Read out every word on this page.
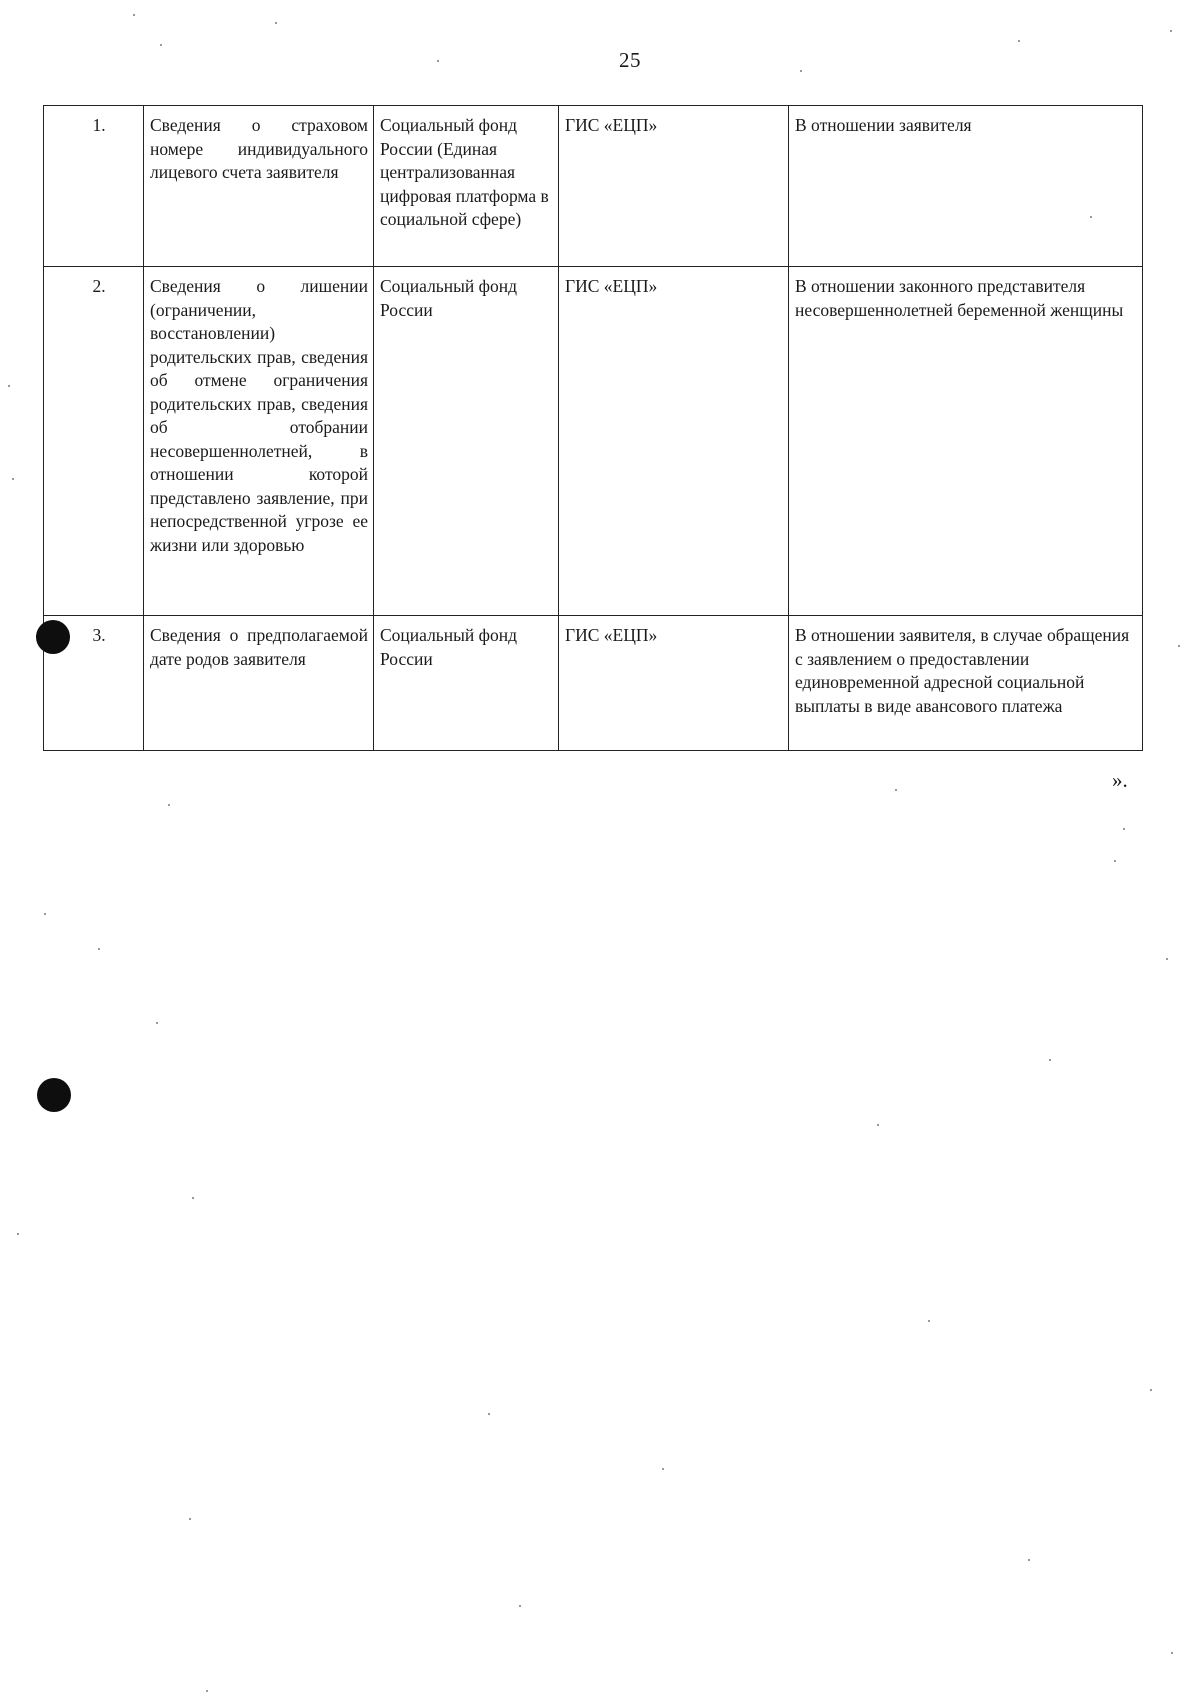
25
1.	Сведения о страховом номере индивидуального лицевого счета заявителя	Социальный фонд России (Единая централизованная цифровая платформа в социальной сфере)	ГИС «ЕЦП»	В отношении заявителя
2.	Сведения о лишении (ограничении, восстановлении) родительских прав, сведения об отмене ограничения родительских прав, сведения об отобрании несовершеннолетней, в отношении которой представлено заявление, при непосредственной угрозе ее жизни или здоровью	Социальный фонд России	ГИС «ЕЦП»	В отношении законного представителя несовершеннолетней беременной женщины
3.	Сведения о предполагаемой дате родов заявителя	Социальный фонд России	ГИС «ЕЦП»	В отношении заявителя, в случае обращения с заявлением о предоставлении единовременной адресной социальной выплаты в виде авансового платежа
».
